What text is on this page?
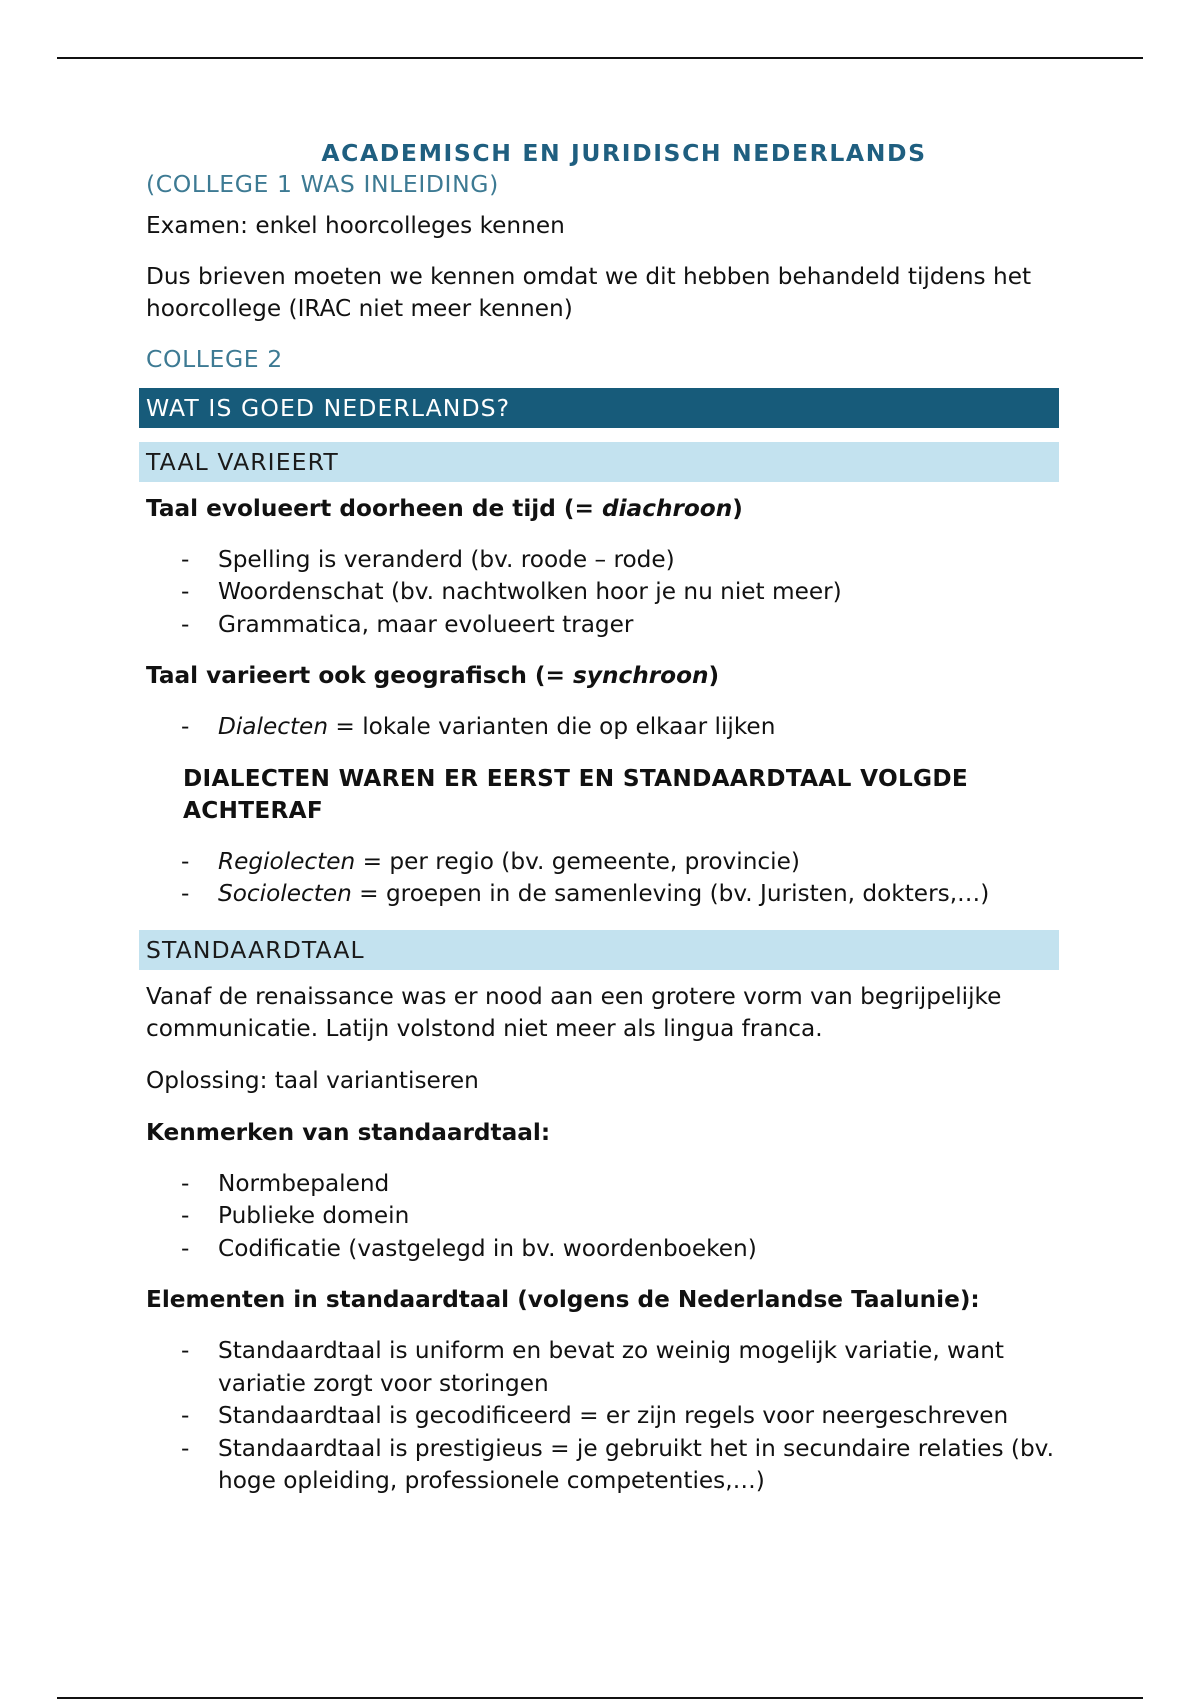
ACADEMISCH EN JURIDISCH NEDERLANDS
(COLLEGE 1 WAS INLEIDING)

Examen: enkel hoorcolleges kennen

Dus brieven moeten we kennen omdat we dit hebben behandeld tijdens het hoorcollege (IRAC niet meer kennen)

COLLEGE 2
WAT IS GOED NEDERLANDS?
TAAL VARIEERT
Taal evolueert doorheen de tijd (= diachroon)
- Spelling is veranderd (bv. roode – rode)
- Woordenschat (bv. nachtwolken hoor je nu niet meer)
- Grammatica, maar evolueert trager
Taal varieert ook geografisch (= synchroon)
- Dialecten = lokale varianten die op elkaar lijken
DIALECTEN WAREN ER EERST EN STANDAARDTAAL VOLGDE ACHTERAF
- Regiolecten = per regio (bv. gemeente, provincie)
- Sociolecten = groepen in de samenleving (bv. Juristen, dokters,…)
STANDAARDTAAL

Vanaf de renaissance was er nood aan een grotere vorm van begrijpelijke communicatie. Latijn volstond niet meer als lingua franca.

Oplossing: taal variantiseren

Kenmerken van standaardtaal:
- Normbepalend
- Publieke domein
- Codificatie (vastgelegd in bv. woordenboeken)
Elementen in standaardtaal (volgens de Nederlandse Taalunie):
- Standaardtaal is uniform en bevat zo weinig mogelijk variatie, want variatie zorgt voor storingen
- Standaardtaal is gecodificeerd = er zijn regels voor neergeschreven
- Standaardtaal is prestigieus = je gebruikt het in secundaire relaties (bv. hoge opleiding, professionele competenties,…)
